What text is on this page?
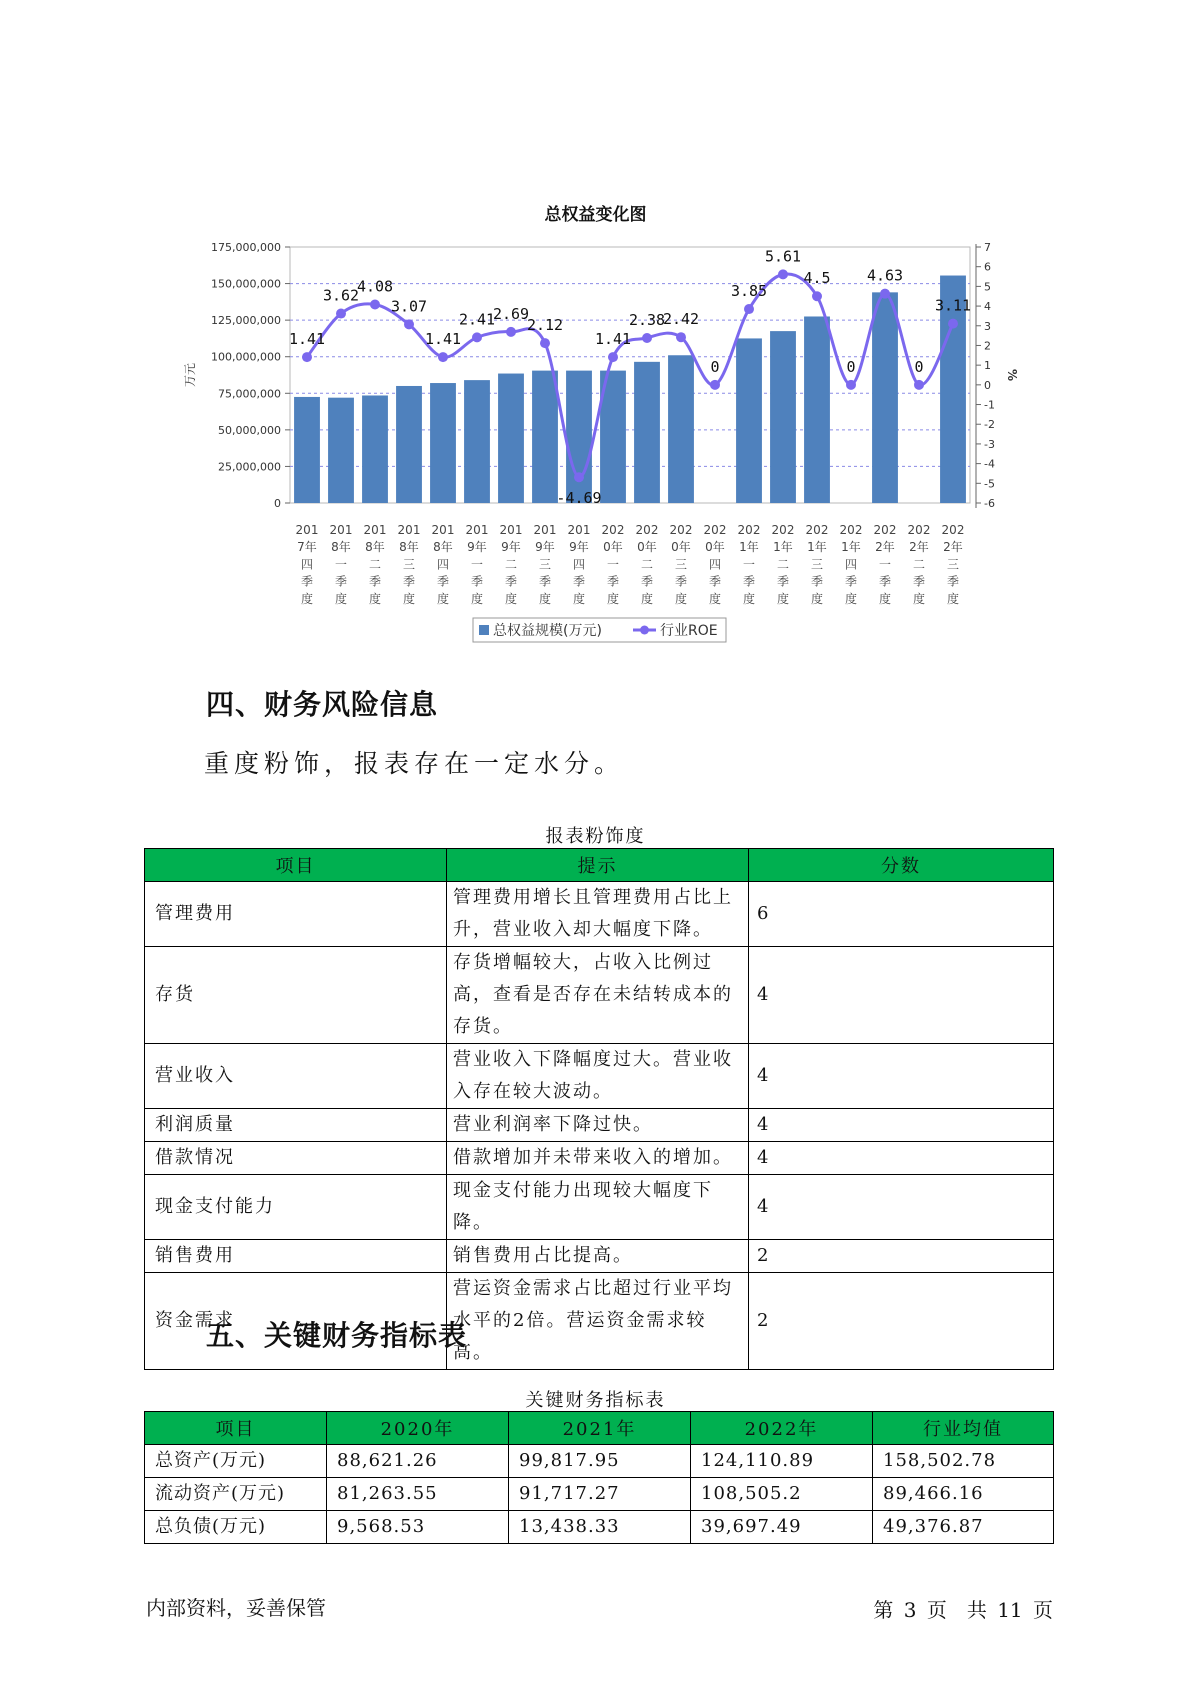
总权益变化图
175,000,000
150,000,000
125,000,000
100,000,000
75,000,000
50,000,000
25,000,000
0
7
6
5
4
3
2
1
0
-1
-2
-3
-4
-5
-6
万元	%
201
7年
四
季
度
201
8年
一
季
度
201
8年
二
季
度
201
8年
三
季
度
201
8年
四
季
度
201
9年
一
季
度
201
9年
二
季
度
201
9年
三
季
度
201
9年
四
季
度
202
0年
一
季
度
202
0年
二
季
度
202
0年
三
季
度
202
0年
四
季
度
202
1年
一
季
度
202
1年
二
季
度
202
1年
三
季
度
202
1年
四
季
度
202
2年
一
季
度
202
2年
二
季
度
202
2年
三
季
度
1.41
3.62
4.08
3.07
1.41
2.41
2.69
2.12
-4.69
1.41
2.38
2.42
0
3.85
5.61
4.5
0
4.63
0
3.11
总权益规模(万元)	行业ROE
四、财务风险信息
重度粉饰，报表存在一定水分。
报表粉饰度
项目	提示	分数
管理费用	管理费用增长且管理费用占比上升，营业收入却大幅度下降。	6
存货	存货增幅较大，占收入比例过高，查看是否存在未结转成本的存货。	4
营业收入	营业收入下降幅度过大。营业收入存在较大波动。	4
利润质量	营业利润率下降过快。	4
借款情况	借款增加并未带来收入的增加。	4
现金支付能力	现金支付能力出现较大幅度下降。	4
销售费用	销售费用占比提高。	2
资金需求	营运资金需求占比超过行业平均水平的2倍。营运资金需求较高。	2
五、关键财务指标表
关键财务指标表
项目	2020年	2021年	2022年	行业均值
总资产(万元)	88,621.26	99,817.95	124,110.89	158,502.78
流动资产(万元)	81,263.55	91,717.27	108,505.2	89,466.16
总负债(万元)	9,568.53	13,438.33	39,697.49	49,376.87
内部资料，妥善保管	第 3 页　共 11 页
